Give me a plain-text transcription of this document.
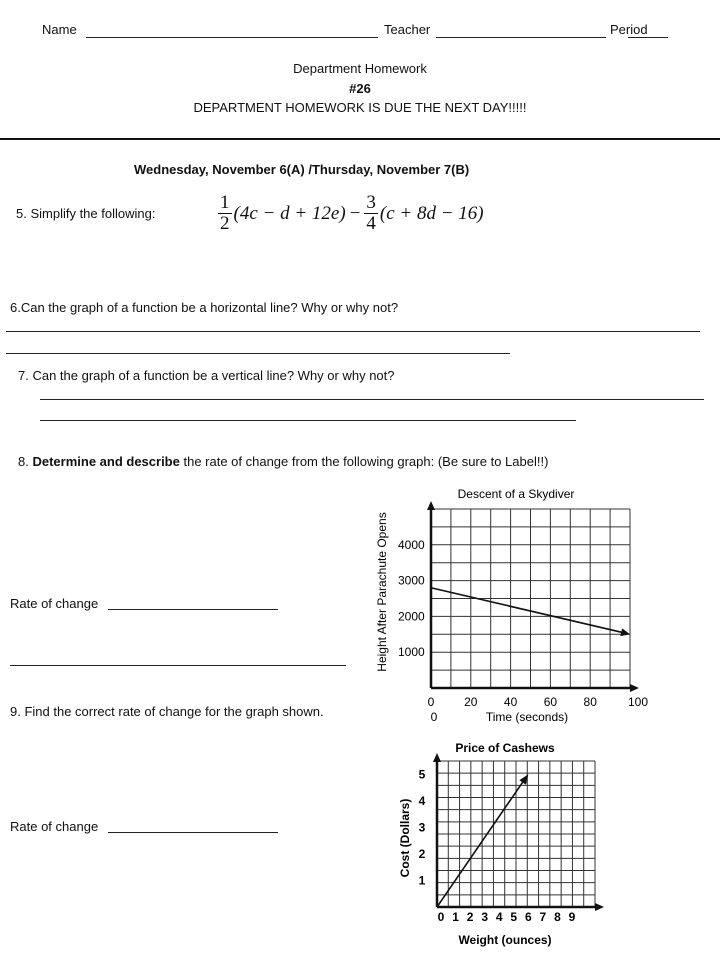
Name	Teacher	Period
Department Homework
#26
DEPARTMENT HOMEWORK IS DUE THE NEXT DAY!!!!!
Wednesday, November 6(A) /Thursday, November 7(B)
5. Simplify the following:	$\frac{1}{2} (4c - d + 12e) - \frac{3}{4} (c + 8d - 16)$
6.Can the graph of a function be a horizontal line? Why or why not?
7. Can the graph of a function be a vertical line? Why or why not?
8. Determine and describe the rate of change from the following graph: (Be sure to Label!!)
Rate of change
9. Find the correct rate of change for the graph shown.
Rate of change
Descent of a Skydiver
1000
2000
3000
4000
0 20 40 60 80	100
0	Time (seconds)
Height After Parachute Opens
Price of Cashews
1
2
3
4
5
0 1 2 3 4 5 6 7 8 9
Weight (ounces)
Cost (Dollars)
